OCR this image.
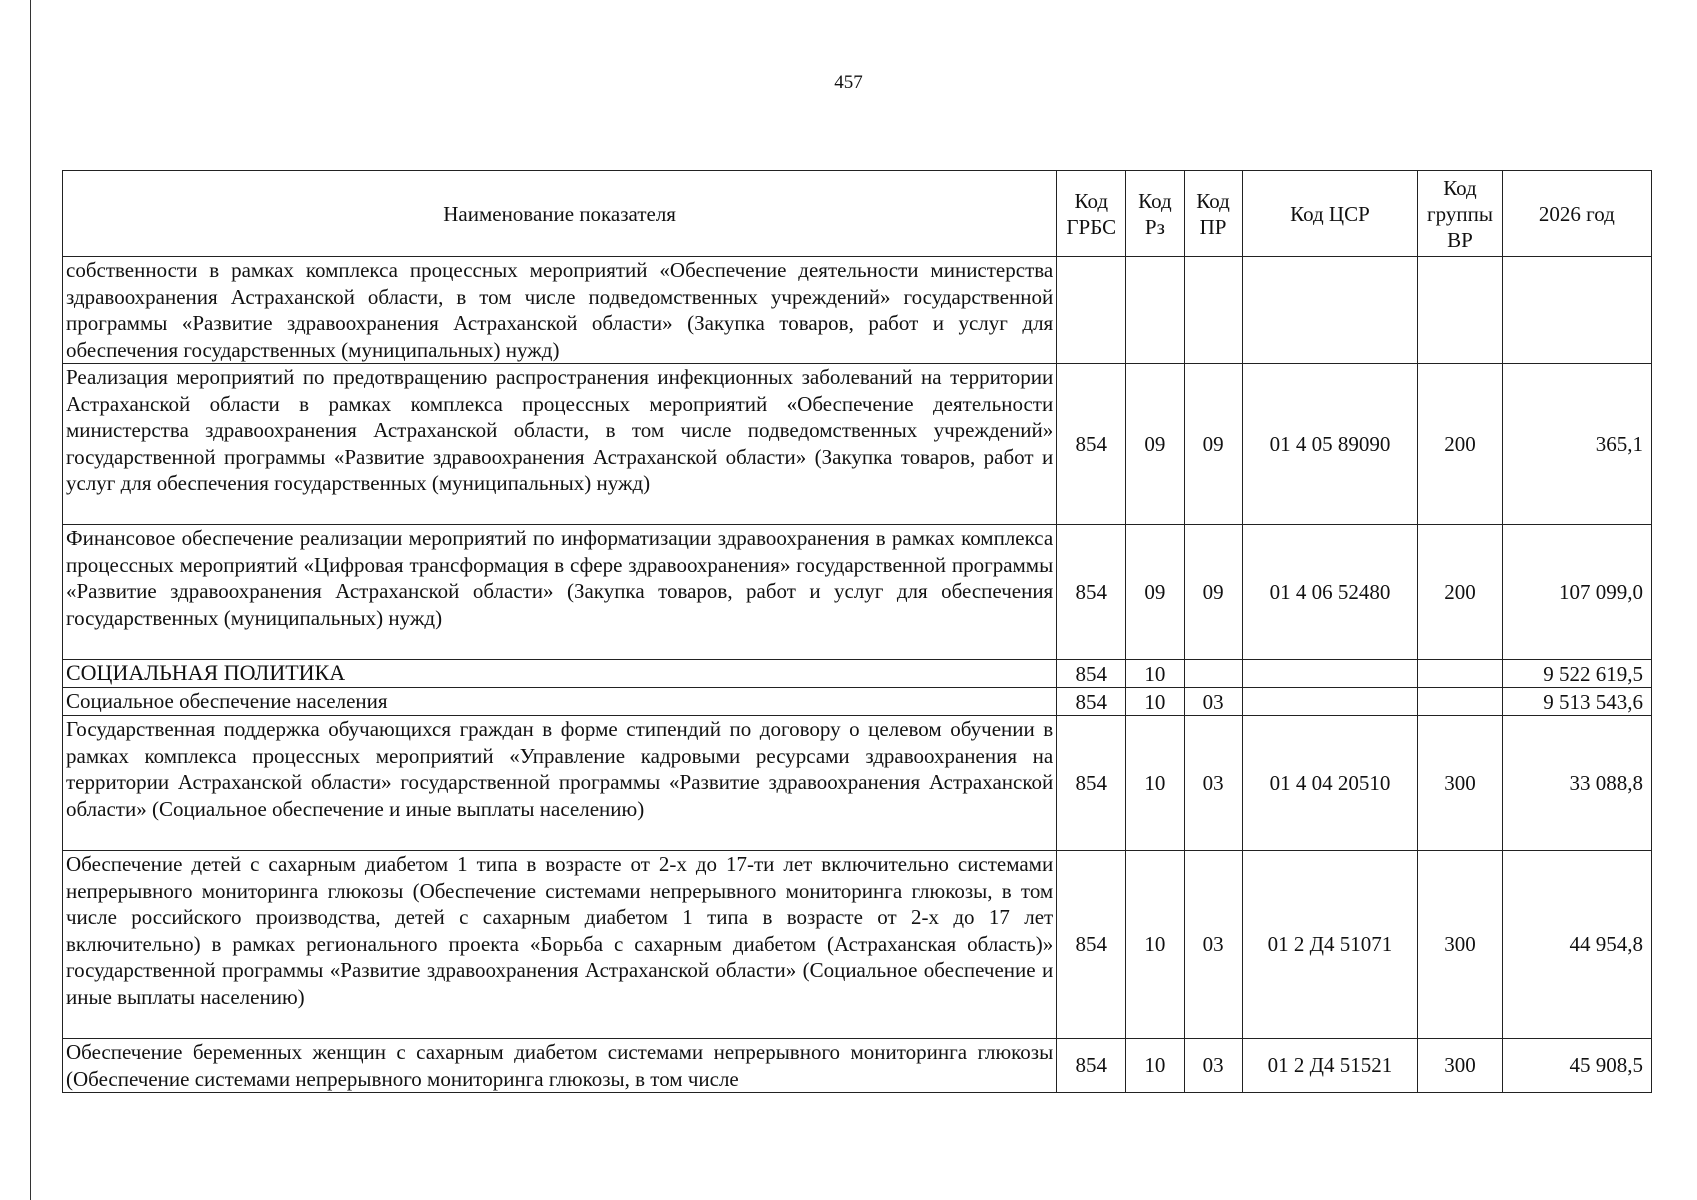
457
Наименование показателя	Код ГРБС	Код Рз	Код ПР	Код ЦСР	Код группы ВР	2026 год
собственности в рамках комплекса процессных мероприятий «Обеспечение деятельности министерства здравоохранения Астраханской области, в том числе подведомственных учреждений» государственной программы «Развитие здравоохранения Астраханской области» (Закупка товаров, работ и услуг для обеспечения государственных (муниципальных) нужд)						
Реализация мероприятий по предотвращению распространения инфекционных заболеваний на территории Астраханской области в рамках комплекса процессных мероприятий «Обеспечение деятельности министерства здравоохранения Астраханской области, в том числе подведомственных учреждений» государственной программы «Развитие здравоохранения Астраханской области» (Закупка товаров, работ и услуг для обеспечения государственных (муниципальных) нужд)	854	09	09	01 4 05 89090	200	365,1
Финансовое обеспечение реализации мероприятий по информатизации здравоохранения в рамках комплекса процессных мероприятий «Цифровая трансформация в сфере здравоохранения» государственной программы «Развитие здравоохранения Астраханской области» (Закупка товаров, работ и услуг для обеспечения государственных (муниципальных) нужд)	854	09	09	01 4 06 52480	200	107 099,0
СОЦИАЛЬНАЯ ПОЛИТИКА	854	10				9 522 619,5
Социальное обеспечение населения	854	10	03			9 513 543,6
Государственная поддержка обучающихся граждан в форме стипендий по договору о целевом обучении в рамках комплекса процессных мероприятий «Управление кадровыми ресурсами здравоохранения на территории Астраханской области» государственной программы «Развитие здравоохранения Астраханской области» (Социальное обеспечение и иные выплаты населению)	854	10	03	01 4 04 20510	300	33 088,8
Обеспечение детей с сахарным диабетом 1 типа в возрасте от 2-х до 17-ти лет включительно системами непрерывного мониторинга глюкозы (Обеспечение системами непрерывного мониторинга глюкозы, в том числе российского производства, детей с сахарным диабетом 1 типа в возрасте от 2-х до 17 лет включительно) в рамках регионального проекта «Борьба с сахарным диабетом (Астраханская область)» государственной программы «Развитие здравоохранения Астраханской области» (Социальное обеспечение и иные выплаты населению)	854	10	03	01 2 Д4 51071	300	44 954,8
Обеспечение беременных женщин с сахарным диабетом системами непрерывного мониторинга глюкозы (Обеспечение системами непрерывного мониторинга глюкозы, в том числе	854	10	03	01 2 Д4 51521	300	45 908,5
